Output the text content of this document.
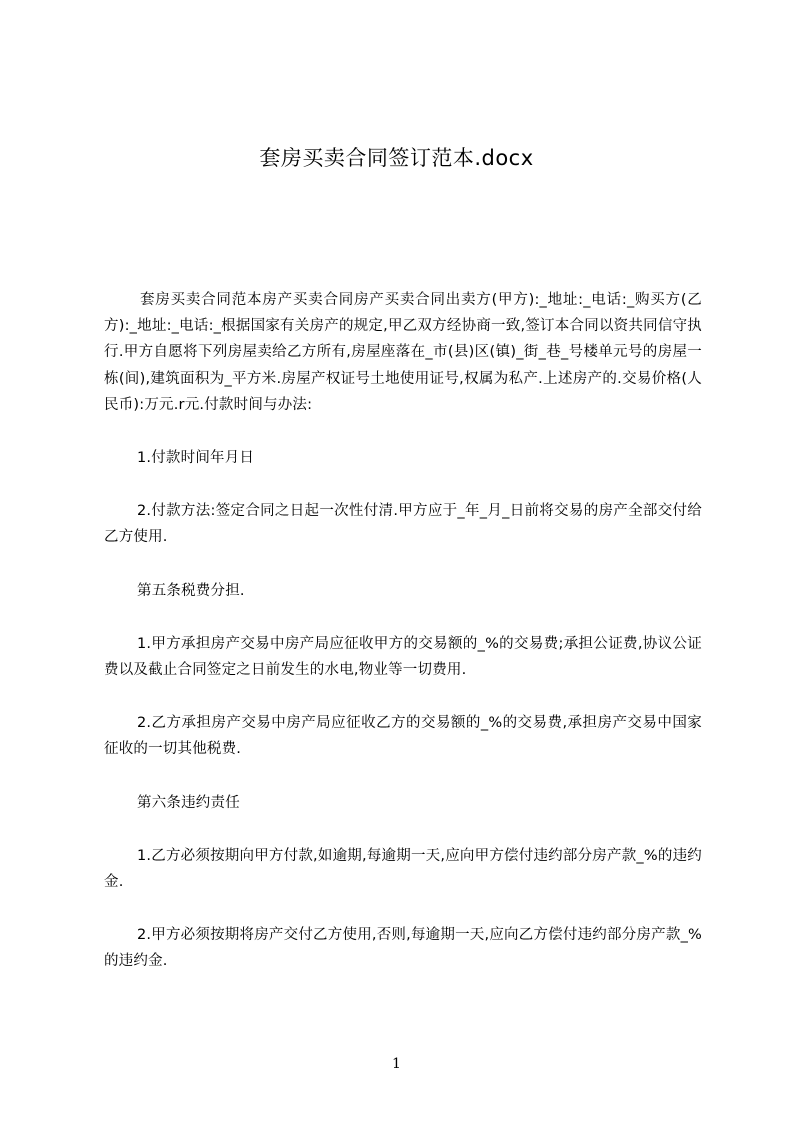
套房买卖合同签订范本.docx

套房买卖合同范本房产买卖合同房产买卖合同出卖方(甲方):_地址:_电话:_购买方(乙方):_地址:_电话:_根据国家有关房产的规定,甲乙双方经协商一致,签订本合同以资共同信守执行.甲方自愿将下列房屋卖给乙方所有,房屋座落在_市(县)区(镇)_街_巷_号楼单元号的房屋一栋(间),建筑面积为_平方米.房屋产权证号土地使用证号,权属为私产.上述房产的.交易价格(人民币):万元.r元.付款时间与办法:

1.付款时间年月日

2.付款方法:签定合同之日起一次性付清.甲方应于_年_月_日前将交易的房产全部交付给乙方使用.

第五条税费分担.

1.甲方承担房产交易中房产局应征收甲方的交易额的_%的交易费;承担公证费,协议公证费以及截止合同签定之日前发生的水电,物业等一切费用.

2.乙方承担房产交易中房产局应征收乙方的交易额的_%的交易费,承担房产交易中国家征收的一切其他税费.

第六条违约责任

1.乙方必须按期向甲方付款,如逾期,每逾期一天,应向甲方偿付违约部分房产款_%的违约金.

2.甲方必须按期将房产交付乙方使用,否则,每逾期一天,应向乙方偿付违约部分房产款_%的违约金.

1
